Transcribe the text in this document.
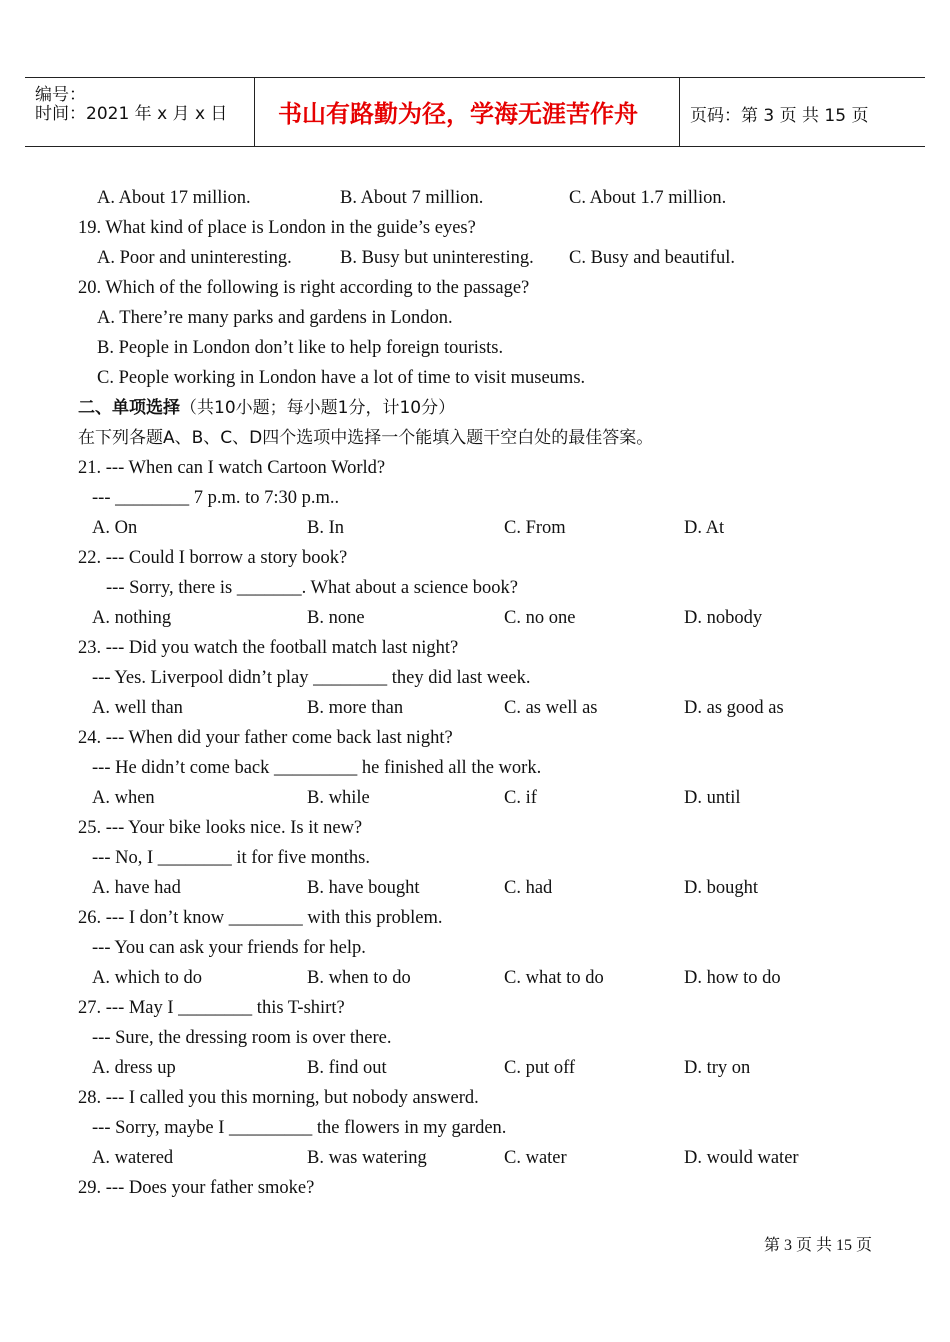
编号：
时间：2021 年 x 月 x 日 书山有路勤为径，学海无涯苦作舟	页码：第 3 页 共 15 页
A. About 17 million.	B. About 7 million.	C. About 1.7 million.
19. What kind of place is London in the guide’s eyes?
A. Poor and uninteresting.	B. Busy but uninteresting. C. Busy and beautiful.
20. Which of the following is right according to the passage?
A. There’re many parks and gardens in London.
B. People in London don’t like to help foreign tourists.
C. People working in London have a lot of time to visit museums.
二、单项选择（共10小题；每小题1分，计10分）
在下列各题A、B、C、D四个选项中选择一个能填入题干空白处的最佳答案。
21. --- When can I watch Cartoon World?
--- ________ 7 p.m. to 7:30 p.m..
A. On	B. In	C. From	D. At
22. --- Could I borrow a story book?
--- Sorry, there is _______. What about a science book?
A. nothing	B. none	C. no one	D. nobody
23. --- Did you watch the football match last night?
--- Yes. Liverpool didn’t play ________ they did last week.
A. well than	B. more than	C. as well as	D. as good as
24. --- When did your father come back last night?
--- He didn’t come back _________ he finished all the work.
A. when	B. while	C. if	D. until
25. --- Your bike looks nice. Is it new?
--- No, I ________ it for five months.
A. have had	B. have bought	C. had	D. bought
26. --- I don’t know ________ with this problem.
--- You can ask your friends for help.
A. which to do	B. when to do	C. what to do	D. how to do
27. --- May I ________ this T-shirt?
--- Sure, the dressing room is over there.
A. dress up	B. find out	C. put off	D. try on
28. --- I called you this morning, but nobody answerd.
--- Sorry, maybe I _________ the flowers in my garden.
A. watered	B. was watering	C. water	D. would water
29. --- Does your father smoke?
第 3 页 共 15 页
